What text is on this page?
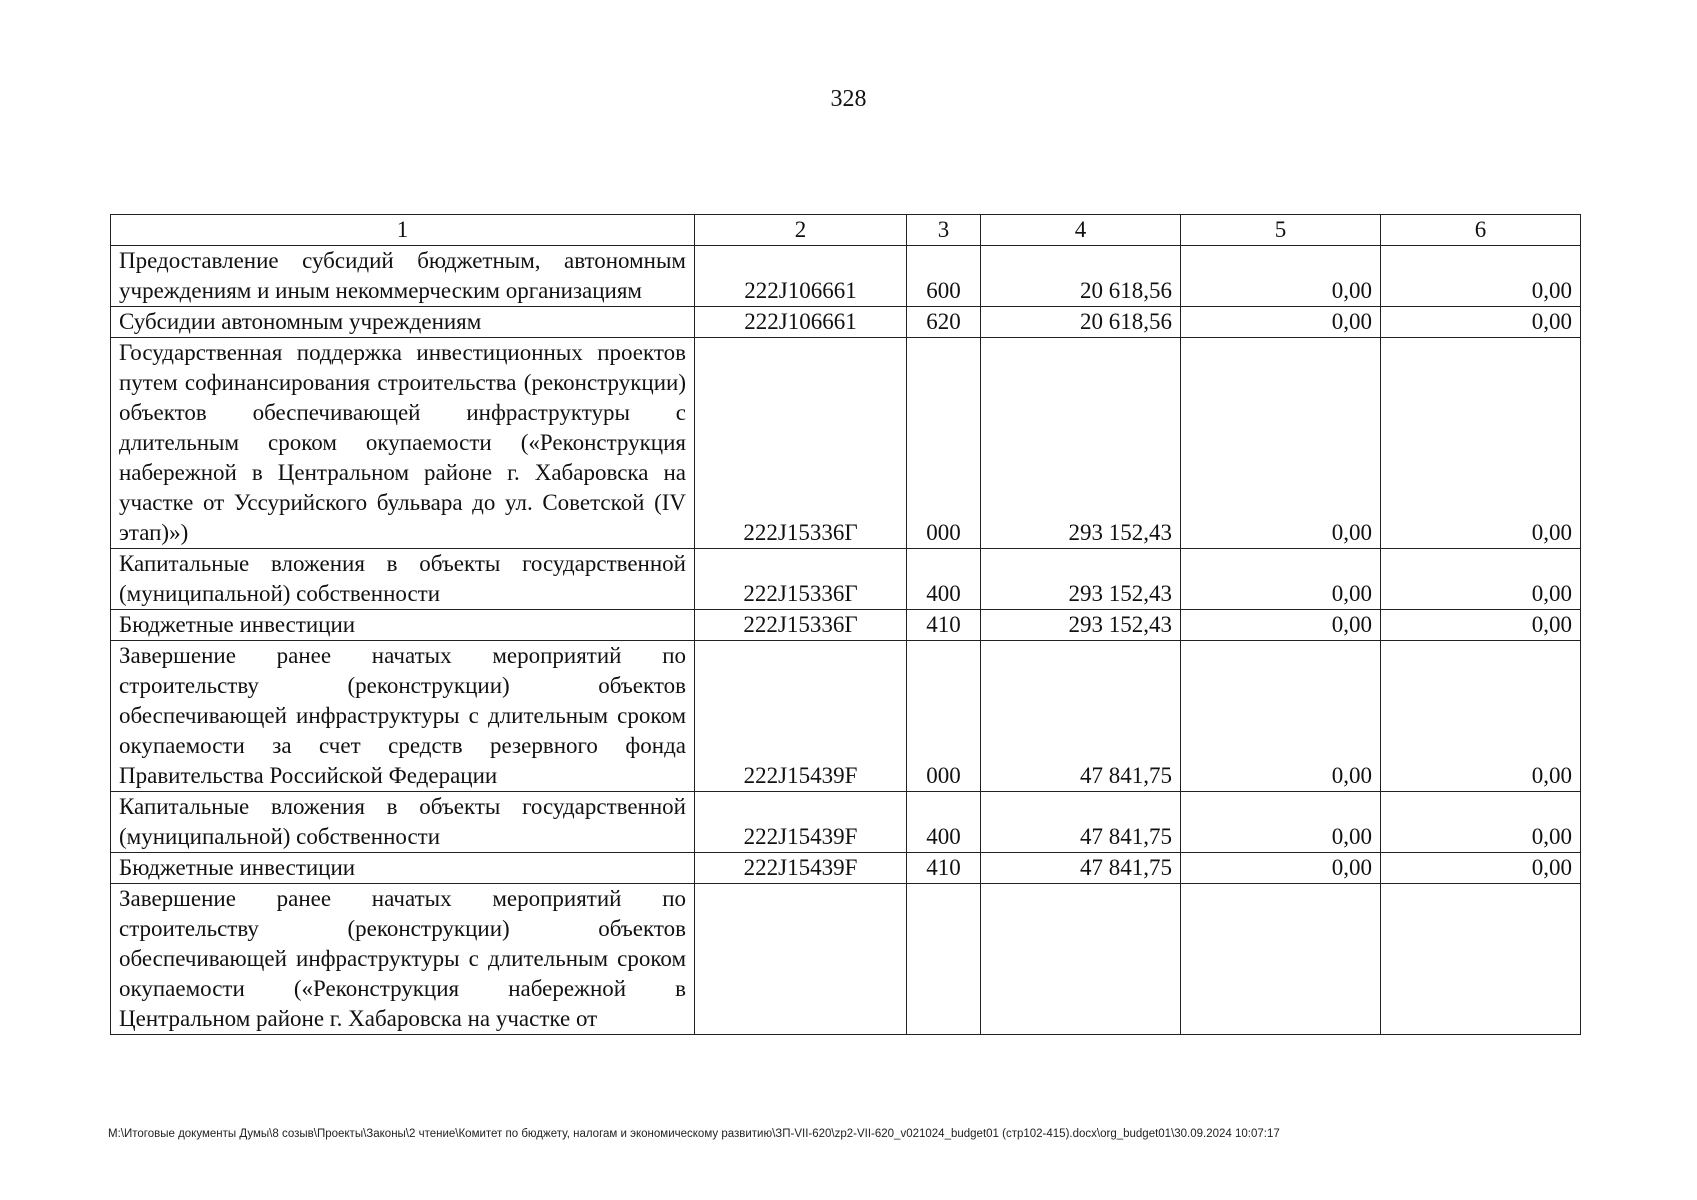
328
1	2	3	4	5	6
Предоставление субсидий бюджетным, автономным учреждениям и иным некоммерческим организациям	222J106661	600	20 618,56	0,00	0,00
Субсидии автономным учреждениям	222J106661	620	20 618,56	0,00	0,00
Государственная поддержка инвестиционных проектов путем софинансирования строительства (реконструкции) объектов обеспечивающей инфраструктуры с длительным сроком окупаемости («Реконструкция набережной в Центральном районе г. Хабаровска на участке от Уссурийского бульвара до ул. Советской (IV этап)»)	222J15336Г	000	293 152,43	0,00	0,00
Капитальные вложения в объекты государственной (муниципальной) собственности	222J15336Г	400	293 152,43	0,00	0,00
Бюджетные инвестиции	222J15336Г	410	293 152,43	0,00	0,00
Завершение ранее начатых мероприятий по строительству (реконструкции) объектов обеспечивающей инфраструктуры с длительным сроком окупаемости за счет средств резервного фонда Правительства Российской Федерации	222J15439F	000	47 841,75	0,00	0,00
Капитальные вложения в объекты государственной (муниципальной) собственности	222J15439F	400	47 841,75	0,00	0,00
Бюджетные инвестиции	222J15439F	410	47 841,75	0,00	0,00
Завершение ранее начатых мероприятий по строительству (реконструкции) объектов обеспечивающей инфраструктуры с длительным сроком окупаемости («Реконструкция набережной в Центральном районе г. Хабаровска на участке от					
M:\Итоговые документы Думы\8 созыв\Проекты\Законы\2 чтение\Комитет по бюджету, налогам и экономическому развитию\ЗП-VII-620\zp2-VII-620_v021024_budget01 (стр102-415).docx\org_budget01\30.09.2024 10:07:17
